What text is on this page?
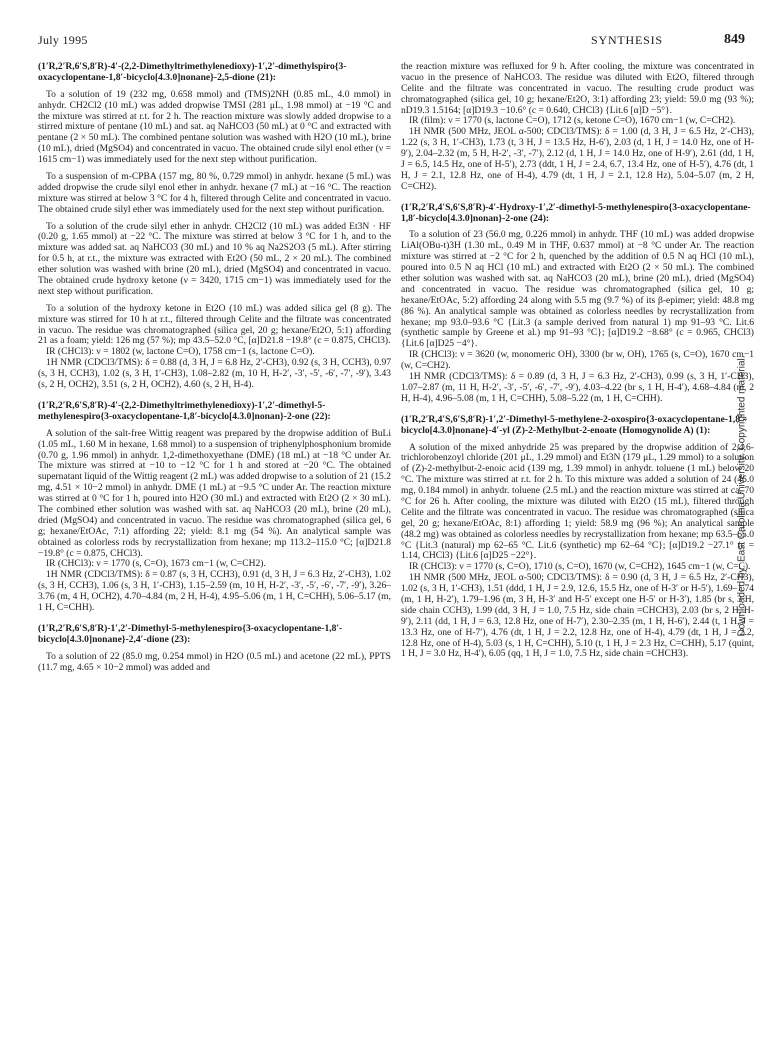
July 1995	SYNTHESIS	849

(1′R,2′R,6′S,8′R)-4′-(2,2-Dimethyltrimethylenedioxy)-1′,2′-dimethylspiro{3-oxacyclopentane-1,8′-bicyclo[4.3.0]nonane}-2,5-dione (21):

To a solution of 19 (232 mg, 0.658 mmol) and (TMS)2NH (0.85 mL, 4.0 mmol) in anhydr. CH2Cl2 (10 mL) was added dropwise TMSI (281 μL, 1.98 mmol) at −19 °C and the mixture was stirred at r.t. for 2 h. The reaction mixture was slowly added dropwise to a stirred mixture of pentane (10 mL) and sat. aq NaHCO3 (50 mL) at 0 °C and extracted with pentane (2 × 50 mL). The combined pentane solution was washed with H2O (10 mL), brine (10 mL), dried (MgSO4) and concentrated in vacuo. The obtained crude silyl enol ether (ν = 1615 cm−1) was immediately used for the next step without purification.

To a suspension of m-CPBA (157 mg, 80 %, 0.729 mmol) in anhydr. hexane (5 mL) was added dropwise the crude silyl enol ether in anhydr. hexane (7 mL) at −16 °C. The reaction mixture was stirred at below 3 °C for 4 h, filtered through Celite and concentrated in vacuo. The obtained crude silyl ether was immediately used for the next step without purification.

To a solution of the crude silyl ether in anhydr. CH2Cl2 (10 mL) was added Et3N · HF (0.20 g, 1.65 mmol) at −22 °C. The mixture was stirred at below 3 °C for 1 h, and to the mixture was added sat. aq NaHCO3 (30 mL) and 10 % aq Na2S2O3 (5 mL). After stirring for 0.5 h, at r.t., the mixture was extracted with Et2O (50 mL, 2 × 20 mL). The combined ether solution was washed with brine (20 mL), dried (MgSO4) and concentrated in vacuo. The obtained crude hydroxy ketone (ν = 3420, 1715 cm−1) was immediately used for the next step without purification.

To a solution of the hydroxy ketone in Et2O (10 mL) was added silica gel (8 g). The mixture was stirred for 10 h at r.t., filtered through Celite and the filtrate was concentrated in vacuo. The residue was chromatographed (silica gel, 20 g; hexane/Et2O, 5:1) affording 21 as a foam; yield: 126 mg (57 %); mp 43.5–52.0 °C, [α]D21.8 −19.8° (c = 0.875, CHCl3).

IR (CHCl3): ν = 1802 (w, lactone C=O), 1758 cm−1 (s, lactone C=O).

1H NMR (CDCl3/TMS): δ = 0.88 (d, 3 H, J = 6.8 Hz, 2′-CH3), 0.92 (s, 3 H, CCH3), 0.97 (s, 3 H, CCH3), 1.02 (s, 3 H, 1′-CH3), 1.08–2.82 (m, 10 H, H-2′, -3′, -5′, -6′, -7′, -9′), 3.43 (s, 2 H, OCH2), 3.51 (s, 2 H, OCH2), 4.60 (s, 2 H, H-4).

(1′R,2′R,6′S,8′R)-4′-(2,2-Dimethyltrimethylenedioxy)-1′,2′-dimethyl-5-methylenespiro{3-oxacyclopentane-1,8′-bicyclo[4.3.0]nonan}-2-one (22):

A solution of the salt-free Wittig reagent was prepared by the dropwise addition of BuLi (1.05 mL, 1.60 M in hexane, 1.68 mmol) to a suspension of triphenylphosphonium bromide (0.70 g, 1.96 mmol) in anhydr. 1,2-dimethoxyethane (DME) (18 mL) at −18 °C under Ar. The mixture was stirred at −10 to −12 °C for 1 h and stored at −20 °C. The obtained supernatant liquid of the Wittig reagent (2 mL) was added dropwise to a solution of 21 (15.2 mg, 4.51 × 10−2 mmol) in anhydr. DME (1 mL) at −9.5 °C under Ar. The reaction mixture was stirred at 0 °C for 1 h, poured into H2O (30 mL) and extracted with Et2O (2 × 30 mL). The combined ether solution was washed with sat. aq NaHCO3 (20 mL), brine (20 mL), dried (MgSO4) and concentrated in vacuo. The residue was chromatographed (silica gel, 6 g; hexane/EtOAc, 7:1) affording 22; yield: 8.1 mg (54 %). An analytical sample was obtained as colorless rods by recrystallization from hexane; mp 113.2–115.0 °C; [α]D21.8 −19.8° (c = 0.875, CHCl3).

IR (CHCl3): ν = 1770 (s, C=O), 1673 cm−1 (w, C=CH2).

1H NMR (CDCl3/TMS): δ = 0.87 (s, 3 H, CCH3), 0.91 (d, 3 H, J = 6.3 Hz, 2′-CH3), 1.02 (s, 3 H, CCH3), 1.06 (s, 3 H, 1′-CH3), 1.15–2.59 (m, 10 H, H-2′, -3′, -5′, -6′, -7′, -9′), 3.26–3.76 (m, 4 H, OCH2), 4.70–4.84 (m, 2 H, H-4), 4.95–5.06 (m, 1 H, C=CHH), 5.06–5.17 (m, 1 H, C=CHH).

(1′R,2′R,6′S,8′R)-1′,2′-Dimethyl-5-methylenespiro{3-oxacyclopentane-1,8′-bicyclo[4.3.0]nonane}-2,4′-dione (23):

To a solution of 22 (85.0 mg, 0.254 mmol) in H2O (0.5 mL) and acetone (22 mL), PPTS (11.7 mg, 4.65 × 10−2 mmol) was added and

the reaction mixture was refluxed for 9 h. After cooling, the mixture was concentrated in vacuo in the presence of NaHCO3. The residue was diluted with Et2O, filtered through Celite and the filtrate was concentrated in vacuo. The resulting crude product was chromatographed (silica gel, 10 g; hexane/Et2O, 3:1) affording 23; yield: 59.0 mg (93 %); nD19.3 1.5164; [α]D19.3 −10.6° (c = 0.640, CHCl3) {Lit.6 [α]D −5°}.

IR (film): ν = 1770 (s, lactone C=O), 1712 (s, ketone C=O), 1670 cm−1 (w, C=CH2).

1H NMR (500 MHz, JEOL α-500; CDCl3/TMS): δ = 1.00 (d, 3 H, J = 6.5 Hz, 2′-CH3), 1.22 (s, 3 H, 1′-CH3), 1.73 (t, 3 H, J = 13.5 Hz, H-6′), 2.03 (d, 1 H, J = 14.0 Hz, one of H-9′), 2.04–2.32 (m, 5 H, H-2′, -3′, -7′), 2.12 (d, 1 H, J = 14.0 Hz, one of H-9′), 2.61 (dd, 1 H, J = 6.5, 14.5 Hz, one of H-5′), 2.73 (ddt, 1 H, J = 2.4, 6.7, 13.4 Hz, one of H-5′), 4.76 (dt, 1 H, J = 2.1, 12.8 Hz, one of H-4), 4.79 (dt, 1 H, J = 2.1, 12.8 Hz), 5.04–5.07 (m, 2 H, C=CH2).

(1′R,2′R,4′S,6′S,8′R)-4′-Hydroxy-1′,2′-dimethyl-5-methylenespiro{3-oxacyclopentane-1,8′-bicyclo[4.3.0]nonan}-2-one (24):

To a solution of 23 (56.0 mg, 0.226 mmol) in anhydr. THF (10 mL) was added dropwise LiAl(OBu-t)3H (1.30 mL, 0.49 M in THF, 0.637 mmol) at −8 °C under Ar. The reaction mixture was stirred at −2 °C for 2 h, quenched by the addition of 0.5 N aq HCl (10 mL), poured into 0.5 N aq HCl (10 mL) and extracted with Et2O (2 × 50 mL). The combined ether solution was washed with sat. aq NaHCO3 (20 mL), brine (20 mL), dried (MgSO4) and concentrated in vacuo. The residue was chromatographed (silica gel, 10 g; hexane/EtOAc, 5:2) affording 24 along with 5.5 mg (9.7 %) of its β-epimer; yield: 48.8 mg (86 %). An analytical sample was obtained as colorless needles by recrystallization from hexane; mp 93.0–93.6 °C {Lit.3 (a sample derived from natural 1) mp 91–93 °C. Lit.6 (synthetic sample by Greene et al.) mp 91–93 °C}; [α]D19.2 −8.68° (c = 0.965, CHCl3) {Lit.6 [α]D25 −4°}.

IR (CHCl3): ν = 3620 (w, monomeric OH), 3300 (br w, OH), 1765 (s, C=O), 1670 cm−1 (w, C=CH2).

1H NMR (CDCl3/TMS): δ = 0.89 (d, 3 H, J = 6.3 Hz, 2′-CH3), 0.99 (s, 3 H, 1′-CH3), 1.07–2.87 (m, 11 H, H-2′, -3′, -5′, -6′, -7′, -9′), 4.03–4.22 (br s, 1 H, H-4′), 4.68–4.84 (m, 2 H, H-4), 4.96–5.08 (m, 1 H, C=CHH), 5.08–5.22 (m, 1 H, C=CHH).

(1′R,2′R,4′S,6′S,8′R)-1′,2′-Dimethyl-5-methylene-2-oxospiro{3-oxacyclopentane-1,8′-bicyclo[4.3.0]nonane}-4′-yl (Z)-2-Methylbut-2-enoate (Homogynolide A) (1):

A solution of the mixed anhydride 25 was prepared by the dropwise addition of 2,4,6-trichlorobenzoyl chloride (201 μL, 1.29 mmol) and Et3N (179 μL, 1.29 mmol) to a solution of (Z)-2-methylbut-2-enoic acid (139 mg, 1.39 mmol) in anhydr. toluene (1 mL) below 20 °C. The mixture was stirred at r.t. for 2 h. To this mixture was added a solution of 24 (46.0 mg, 0.184 mmol) in anhydr. toluene (2.5 mL) and the reaction mixture was stirred at ca. 70 °C for 26 h. After cooling, the mixture was diluted with Et2O (15 mL), filtered through Celite and the filtrate was concentrated in vacuo. The residue was chromatographed (silica gel, 20 g; hexane/EtOAc, 8:1) affording 1; yield: 58.9 mg (96 %); An analytical sample (48.2 mg) was obtained as colorless needles by recrystallization from hexane; mp 63.5–65.0 °C {Lit.3 (natural) mp 62–65 °C. Lit.6 (synthetic) mp 62–64 °C}; [α]D19.2 −27.1° (c = 1.14, CHCl3) {Lit.6 [α]D25 −22°}.

IR (CHCl3): ν = 1770 (s, C=O), 1710 (s, C=O), 1670 (w, C=CH2), 1645 cm−1 (w, C=C).

1H NMR (500 MHz, JEOL α-500; CDCl3/TMS): δ = 0.90 (d, 3 H, J = 6.5 Hz, 2′-CH3), 1.02 (s, 3 H, 1′-CH3), 1.51 (ddd, 1 H, J = 2.9, 12.6, 15.5 Hz, one of H-3′ or H-5′), 1.69–1.74 (m, 1 H, H-2′), 1.79–1.96 (m, 3 H, H-3′ and H-5′ except one H-5′ or H-3′), 1.85 (br s, 3 H, side chain CCH3), 1.99 (dd, 3 H, J = 1.0, 7.5 Hz, side chain =CHCH3), 2.03 (br s, 2 H, H-9′), 2.11 (dd, 1 H, J = 6.3, 12.8 Hz, one of H-7′), 2.30–2.35 (m, 1 H, H-6′), 2.44 (t, 1 H, J = 13.3 Hz, one of H-7′), 4.76 (dt, 1 H, J = 2.2, 12.8 Hz, one of H-4), 4.79 (dt, 1 H, J = 2.2, 12.8 Hz, one of H-4), 5.03 (s, 1 H, C=CHH), 5.10 (t, 1 H, J = 2.3 Hz, C=CHH), 5.17 (quint, 1 H, J = 3.0 Hz, H-4′), 6.05 (qq, 1 H, J = 1.0, 7.5 Hz, side chain =CHCH3).

Downloaded by: East Carolina University. Copyrighted material.
